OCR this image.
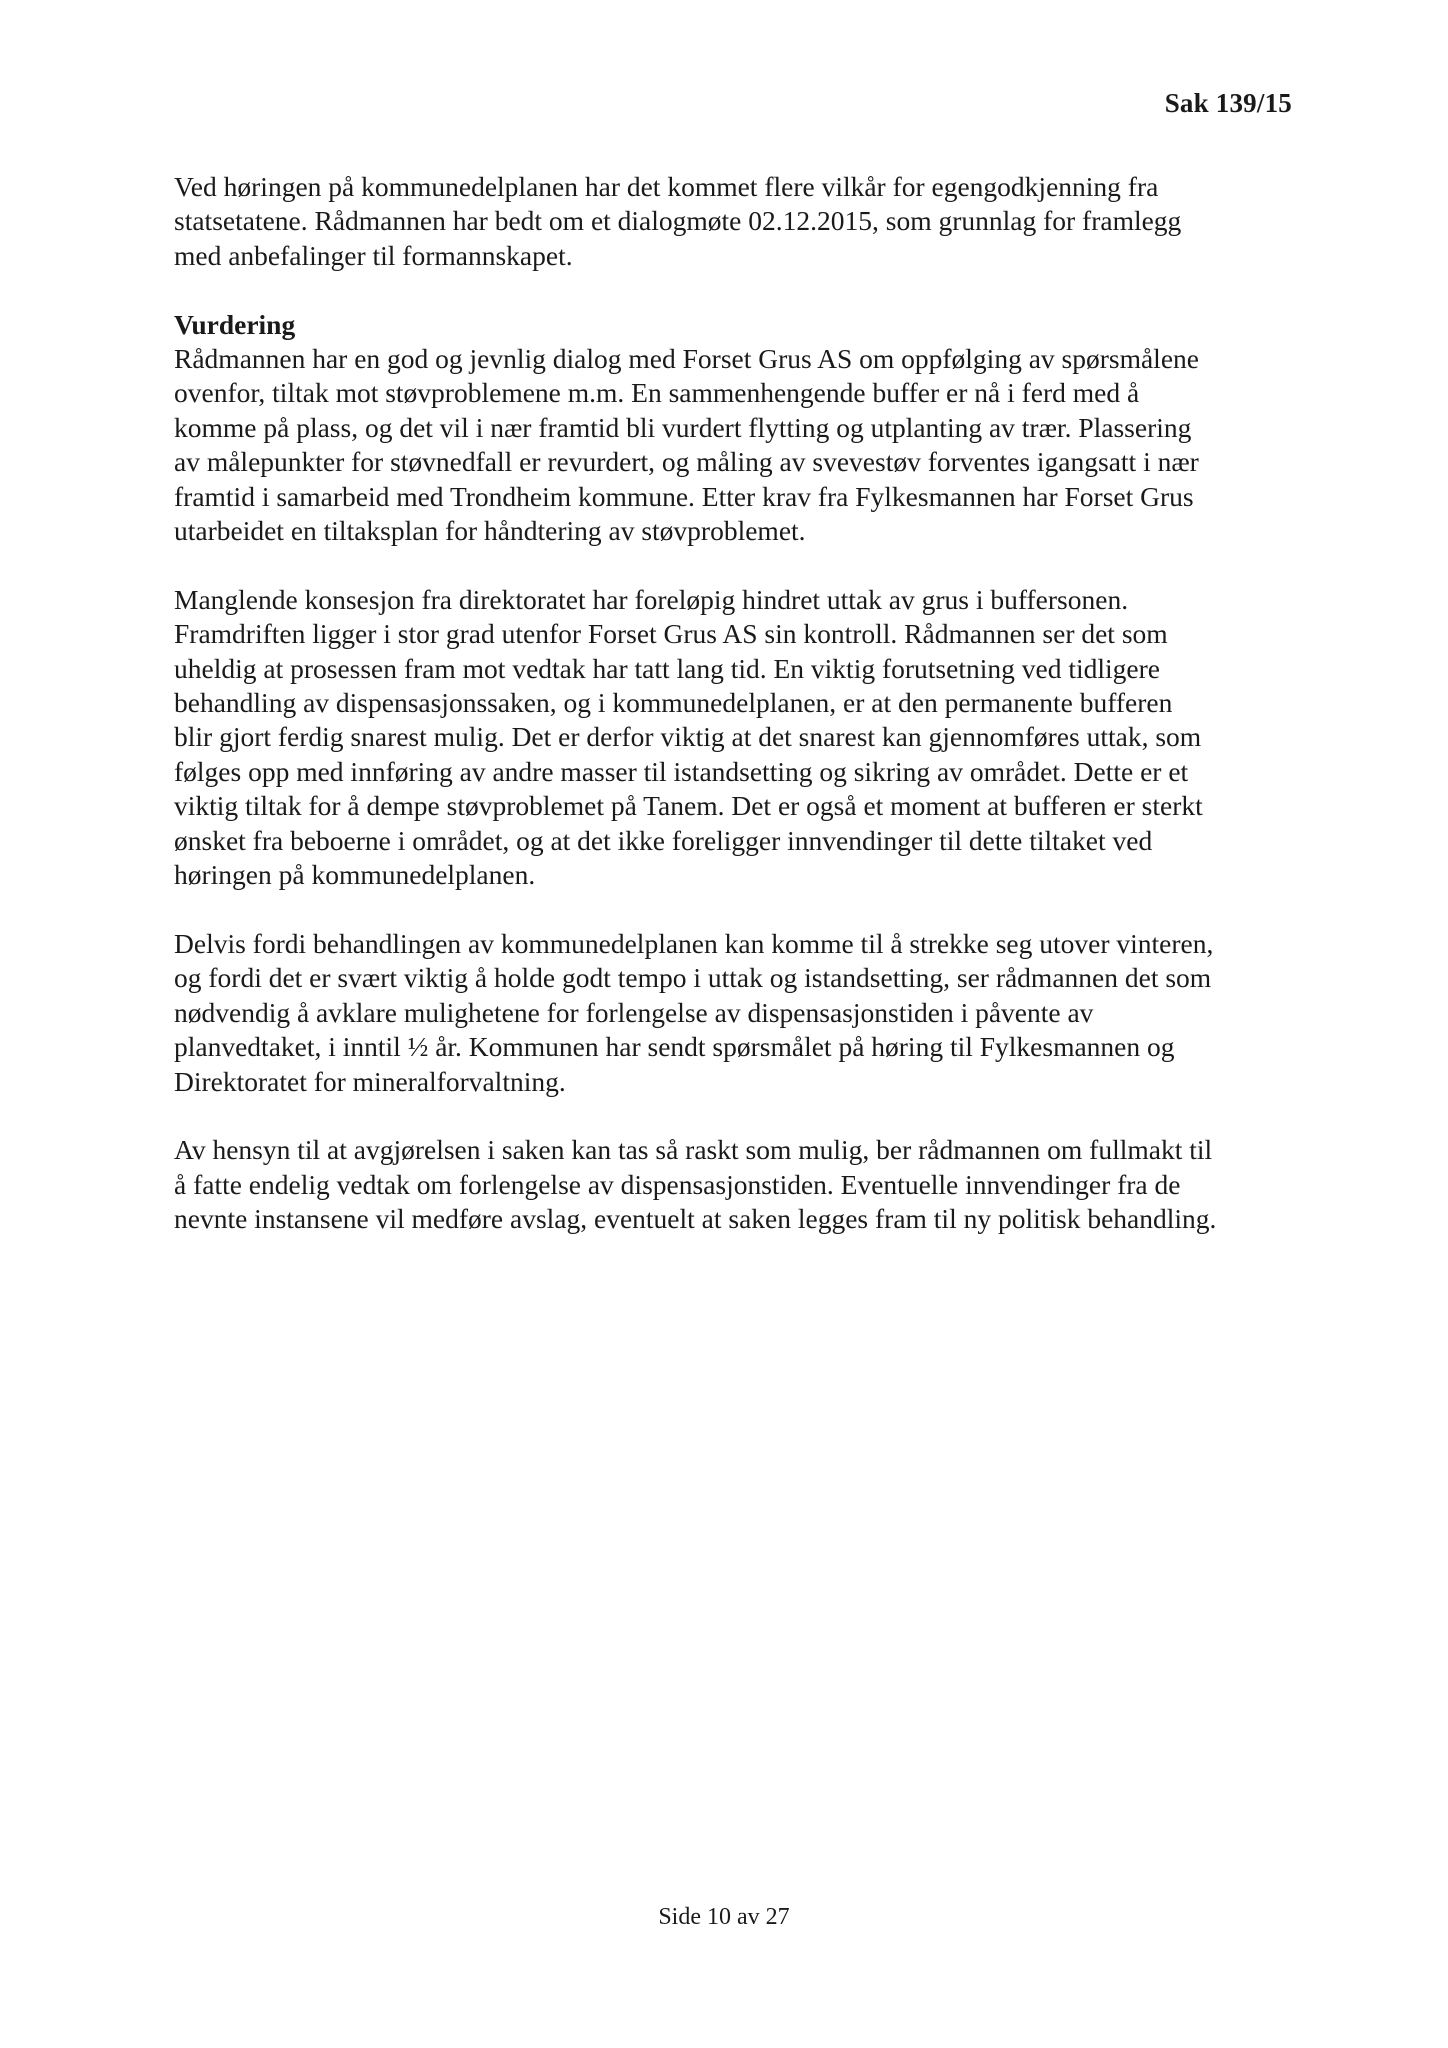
Sak 139/15

Ved høringen på kommunedelplanen har det kommet flere vilkår for egengodkjenning fra
statsetatene. Rådmannen har bedt om et dialogmøte 02.12.2015, som grunnlag for framlegg
med anbefalinger til formannskapet.

Vurdering
Rådmannen har en god og jevnlig dialog med Forset Grus AS om oppfølging av spørsmålene
ovenfor, tiltak mot støvproblemene m.m. En sammenhengende buffer er nå i ferd med å
komme på plass, og det vil i nær framtid bli vurdert flytting og utplanting av trær. Plassering
av målepunkter for støvnedfall er revurdert, og måling av svevestøv forventes igangsatt i nær
framtid i samarbeid med Trondheim kommune. Etter krav fra Fylkesmannen har Forset Grus
utarbeidet en tiltaksplan for håndtering av støvproblemet.

Manglende konsesjon fra direktoratet har foreløpig hindret uttak av grus i buffersonen.
Framdriften ligger i stor grad utenfor Forset Grus AS sin kontroll. Rådmannen ser det som
uheldig at prosessen fram mot vedtak har tatt lang tid. En viktig forutsetning ved tidligere
behandling av dispensasjonssaken, og i kommunedelplanen, er at den permanente bufferen
blir gjort ferdig snarest mulig. Det er derfor viktig at det snarest kan gjennomføres uttak, som
følges opp med innføring av andre masser til istandsetting og sikring av området. Dette er et
viktig tiltak for å dempe støvproblemet på Tanem. Det er også et moment at bufferen er sterkt
ønsket fra beboerne i området, og at det ikke foreligger innvendinger til dette tiltaket ved
høringen på kommunedelplanen.

Delvis fordi behandlingen av kommunedelplanen kan komme til å strekke seg utover vinteren,
og fordi det er svært viktig å holde godt tempo i uttak og istandsetting, ser rådmannen det som
nødvendig å avklare mulighetene for forlengelse av dispensasjonstiden i påvente av
planvedtaket, i inntil ½ år. Kommunen har sendt spørsmålet på høring til Fylkesmannen og
Direktoratet for mineralforvaltning.

Av hensyn til at avgjørelsen i saken kan tas så raskt som mulig, ber rådmannen om fullmakt til
å fatte endelig vedtak om forlengelse av dispensasjonstiden. Eventuelle innvendinger fra de
nevnte instansene vil medføre avslag, eventuelt at saken legges fram til ny politisk behandling.

Side 10 av 27
